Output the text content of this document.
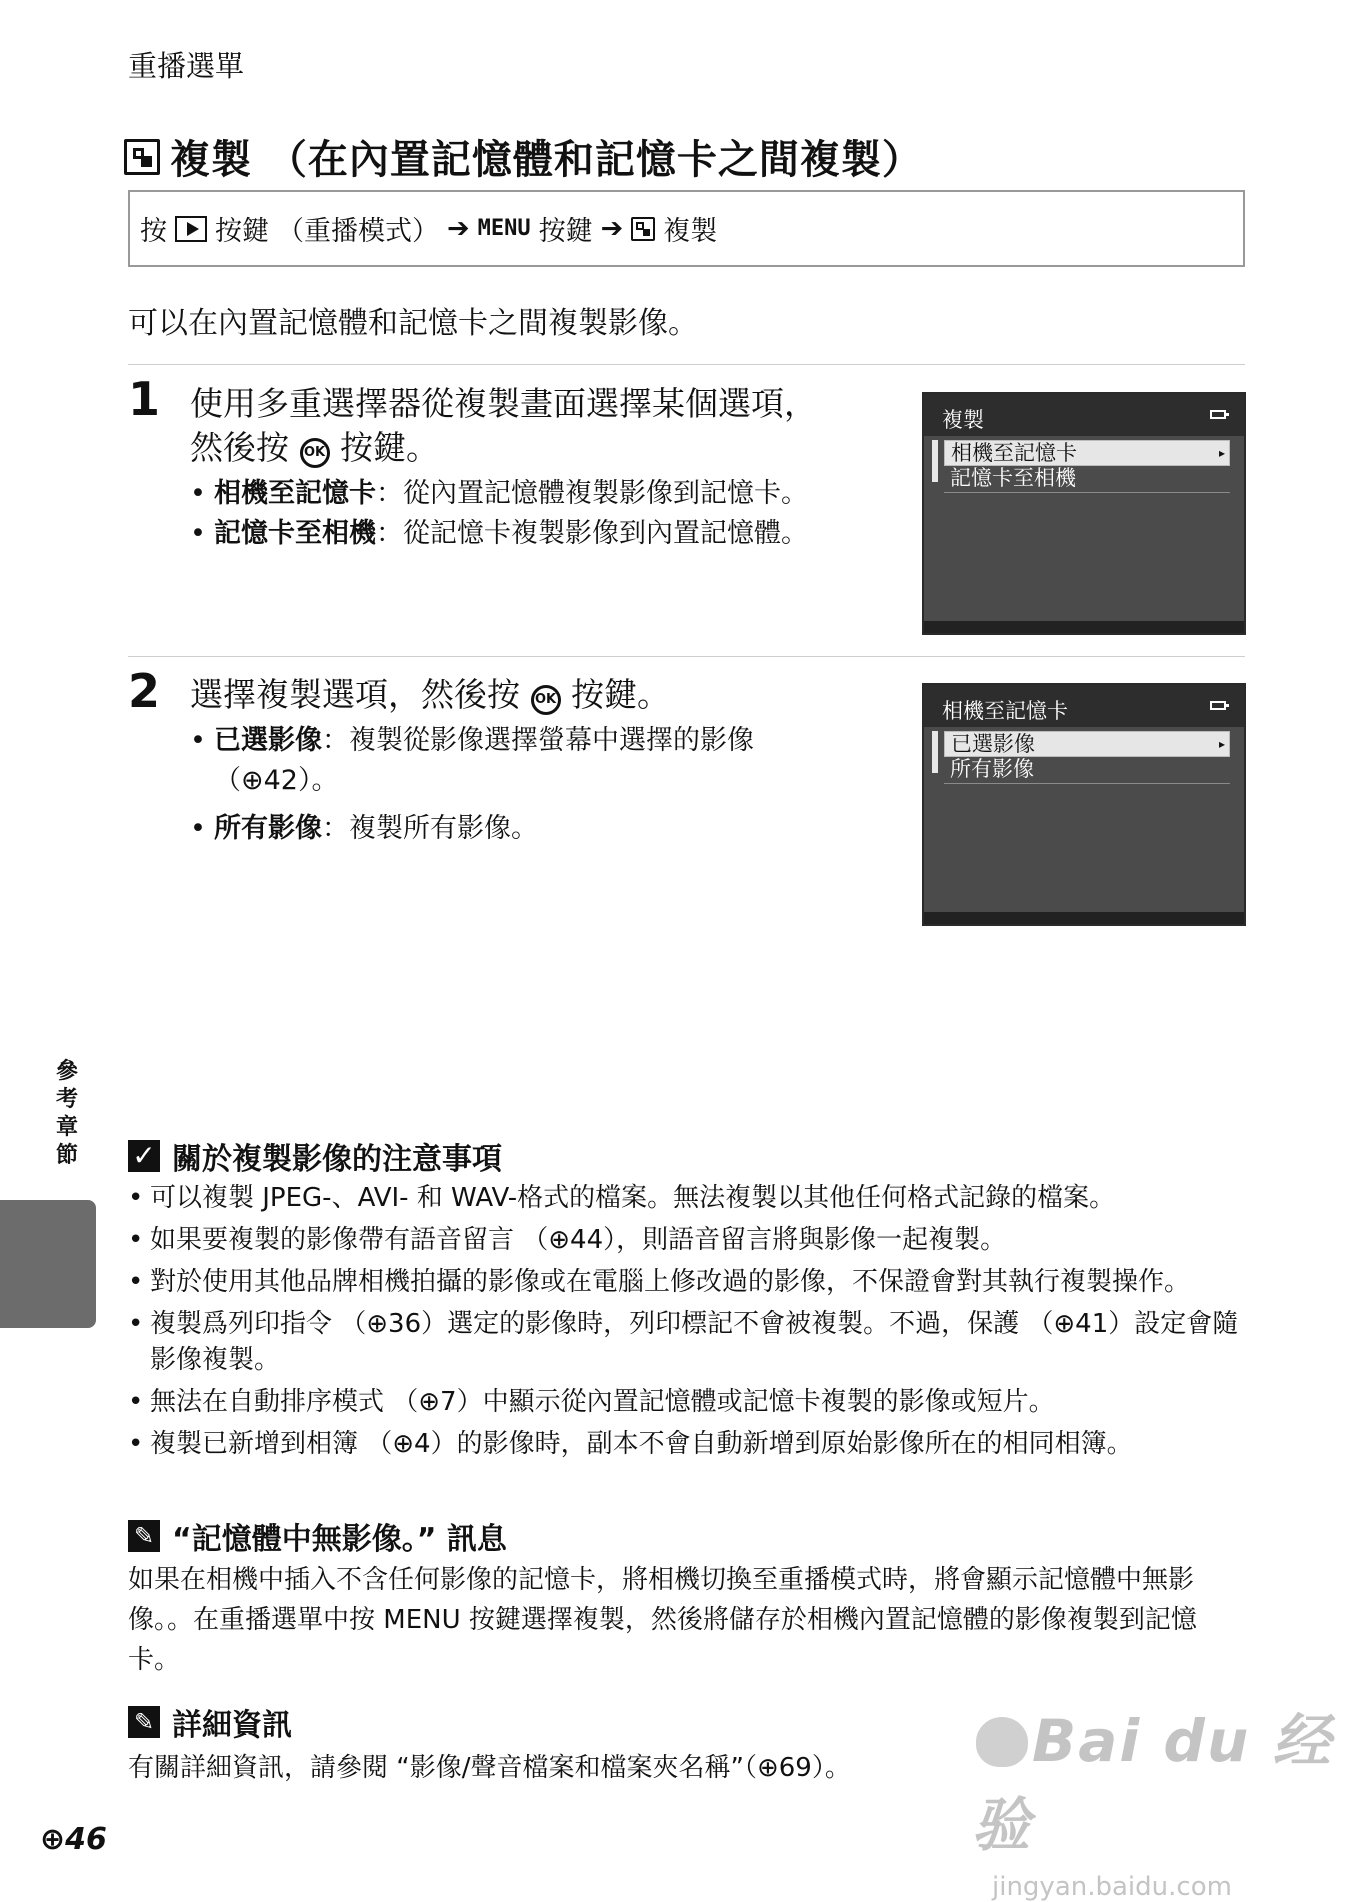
重播選單
複製 （在內置記憶體和記憶卡之間複製）
按 按鍵 （重播模式） ➔ MENU 按鍵 ➔ 複製
可以在內置記憶體和記憶卡之間複製影像。
1 使用多重選擇器從複製畫面選擇某個選項，
然後按 OK 按鍵。
• 相機至記憶卡：從內置記憶體複製影像到記憶卡。
• 記憶卡至相機：從記憶卡複製影像到內置記憶體。
複製
相機至記憶卡 ▸
記憶卡至相機
2 選擇複製選項，然後按 OK 按鍵。
• 已選影像：複製從影像選擇螢幕中選擇的影像
（⊕42）。
• 所有影像：複製所有影像。
相機至記憶卡
已選影像 ▸
所有影像
參考章節 ✓ 關於複製影像的注意事項
• 可以複製 JPEG-、AVI- 和 WAV-格式的檔案。無法複製以其他任何格式記錄的檔案。
• 如果要複製的影像帶有語音留言 （⊕44），則語音留言將與影像一起複製。
• 對於使用其他品牌相機拍攝的影像或在電腦上修改過的影像，不保證會對其執行複製操作。
• 複製爲列印指令 （⊕36）選定的影像時，列印標記不會被複製。不過，保護 （⊕41）設定會隨影像複製。
• 無法在自動排序模式 （⊕7）中顯示從內置記憶體或記憶卡複製的影像或短片。
• 複製已新增到相簿 （⊕4）的影像時，副本不會自動新增到原始影像所在的相同相簿。
✎ “記憶體中無影像。” 訊息
如果在相機中插入不含任何影像的記憶卡，將相機切換至重播模式時，將會顯示記憶體中無影像。。在重播選單中按 MENU 按鍵選擇複製，然後將儲存於相機內置記憶體的影像複製到記憶卡。
✎ 詳細資訊
有關詳細資訊，請參閱 “影像/聲音檔案和檔案夾名稱”（⊕69）。
⊕46
Bai du 经验
jingyan.baidu.com
